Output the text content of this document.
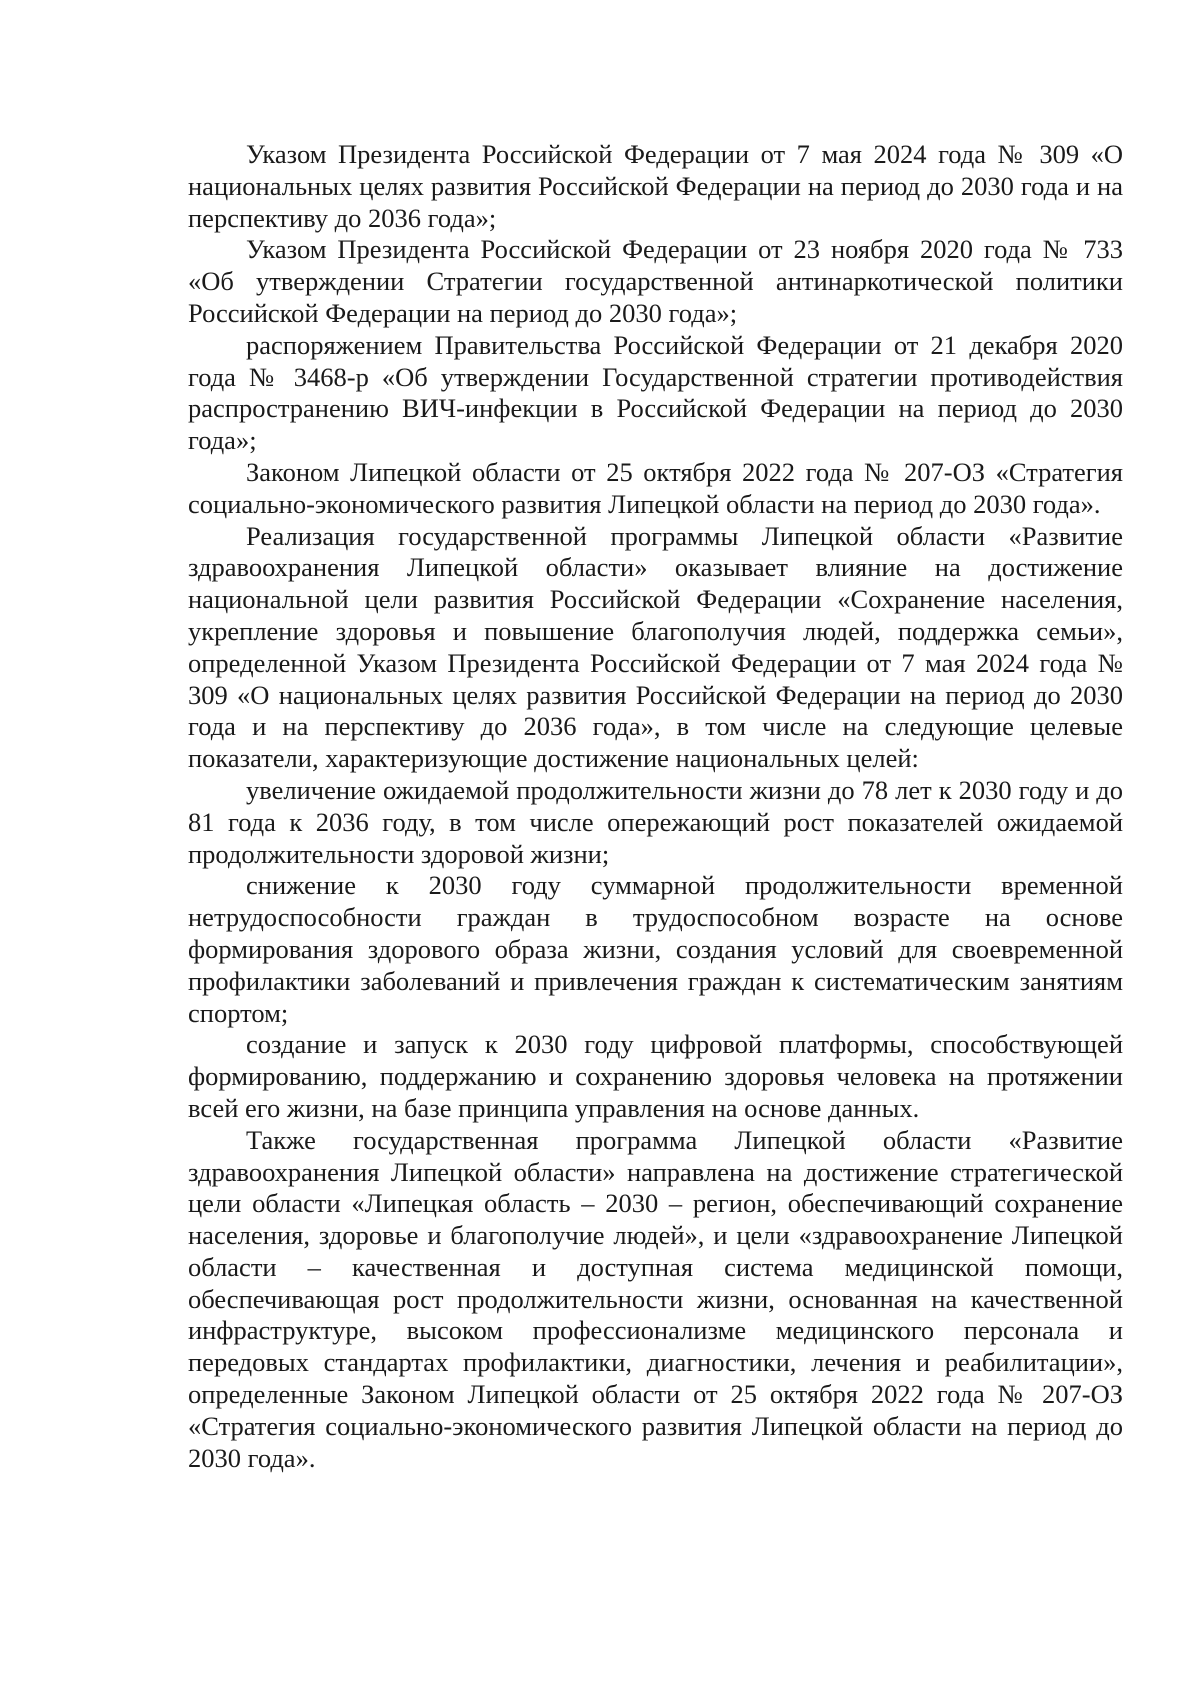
Указом Президента Российской Федерации от 7 мая 2024 года № 309 «О национальных целях развития Российской Федерации на период до 2030 года и на перспективу до 2036 года»;

Указом Президента Российской Федерации от 23 ноября 2020 года № 733 «Об утверждении Стратегии государственной антинаркотической политики Российской Федерации на период до 2030 года»;

распоряжением Правительства Российской Федерации от 21 декабря 2020 года № 3468-р «Об утверждении Государственной стратегии противодействия распространению ВИЧ-инфекции в Российской Федерации на период до 2030 года»;

Законом Липецкой области от 25 октября 2022 года № 207-ОЗ «Стратегия социально-экономического развития Липецкой области на период до 2030 года».

Реализация государственной программы Липецкой области «Развитие здравоохранения Липецкой области» оказывает влияние на достижение национальной цели развития Российской Федерации «Сохранение населения, укрепление здоровья и повышение благополучия людей, поддержка семьи», определенной Указом Президента Российской Федерации от 7 мая 2024 года № 309 «О национальных целях развития Российской Федерации на период до 2030 года и на перспективу до 2036 года», в том числе на следующие целевые показатели, характеризующие достижение национальных целей:

увеличение ожидаемой продолжительности жизни до 78 лет к 2030 году и до 81 года к 2036 году, в том числе опережающий рост показателей ожидаемой продолжительности здоровой жизни;

снижение к 2030 году суммарной продолжительности временной нетрудоспособности граждан в трудоспособном возрасте на основе формирования здорового образа жизни, создания условий для своевременной профилактики заболеваний и привлечения граждан к систематическим занятиям спортом;

создание и запуск к 2030 году цифровой платформы, способствующей формированию, поддержанию и сохранению здоровья человека на протяжении всей его жизни, на базе принципа управления на основе данных.

Также государственная программа Липецкой области «Развитие здравоохранения Липецкой области» направлена на достижение стратегической цели области «Липецкая область – 2030 – регион, обеспечивающий сохранение населения, здоровье и благополучие людей», и цели «здравоохранение Липецкой области – качественная и доступная система медицинской помощи, обеспечивающая рост продолжительности жизни, основанная на качественной инфраструктуре, высоком профессионализме медицинского персонала и передовых стандартах профилактики, диагностики, лечения и реабилитации», определенные Законом Липецкой области от 25 октября 2022 года № 207-ОЗ «Стратегия социально-экономического развития Липецкой области на период до 2030 года».
